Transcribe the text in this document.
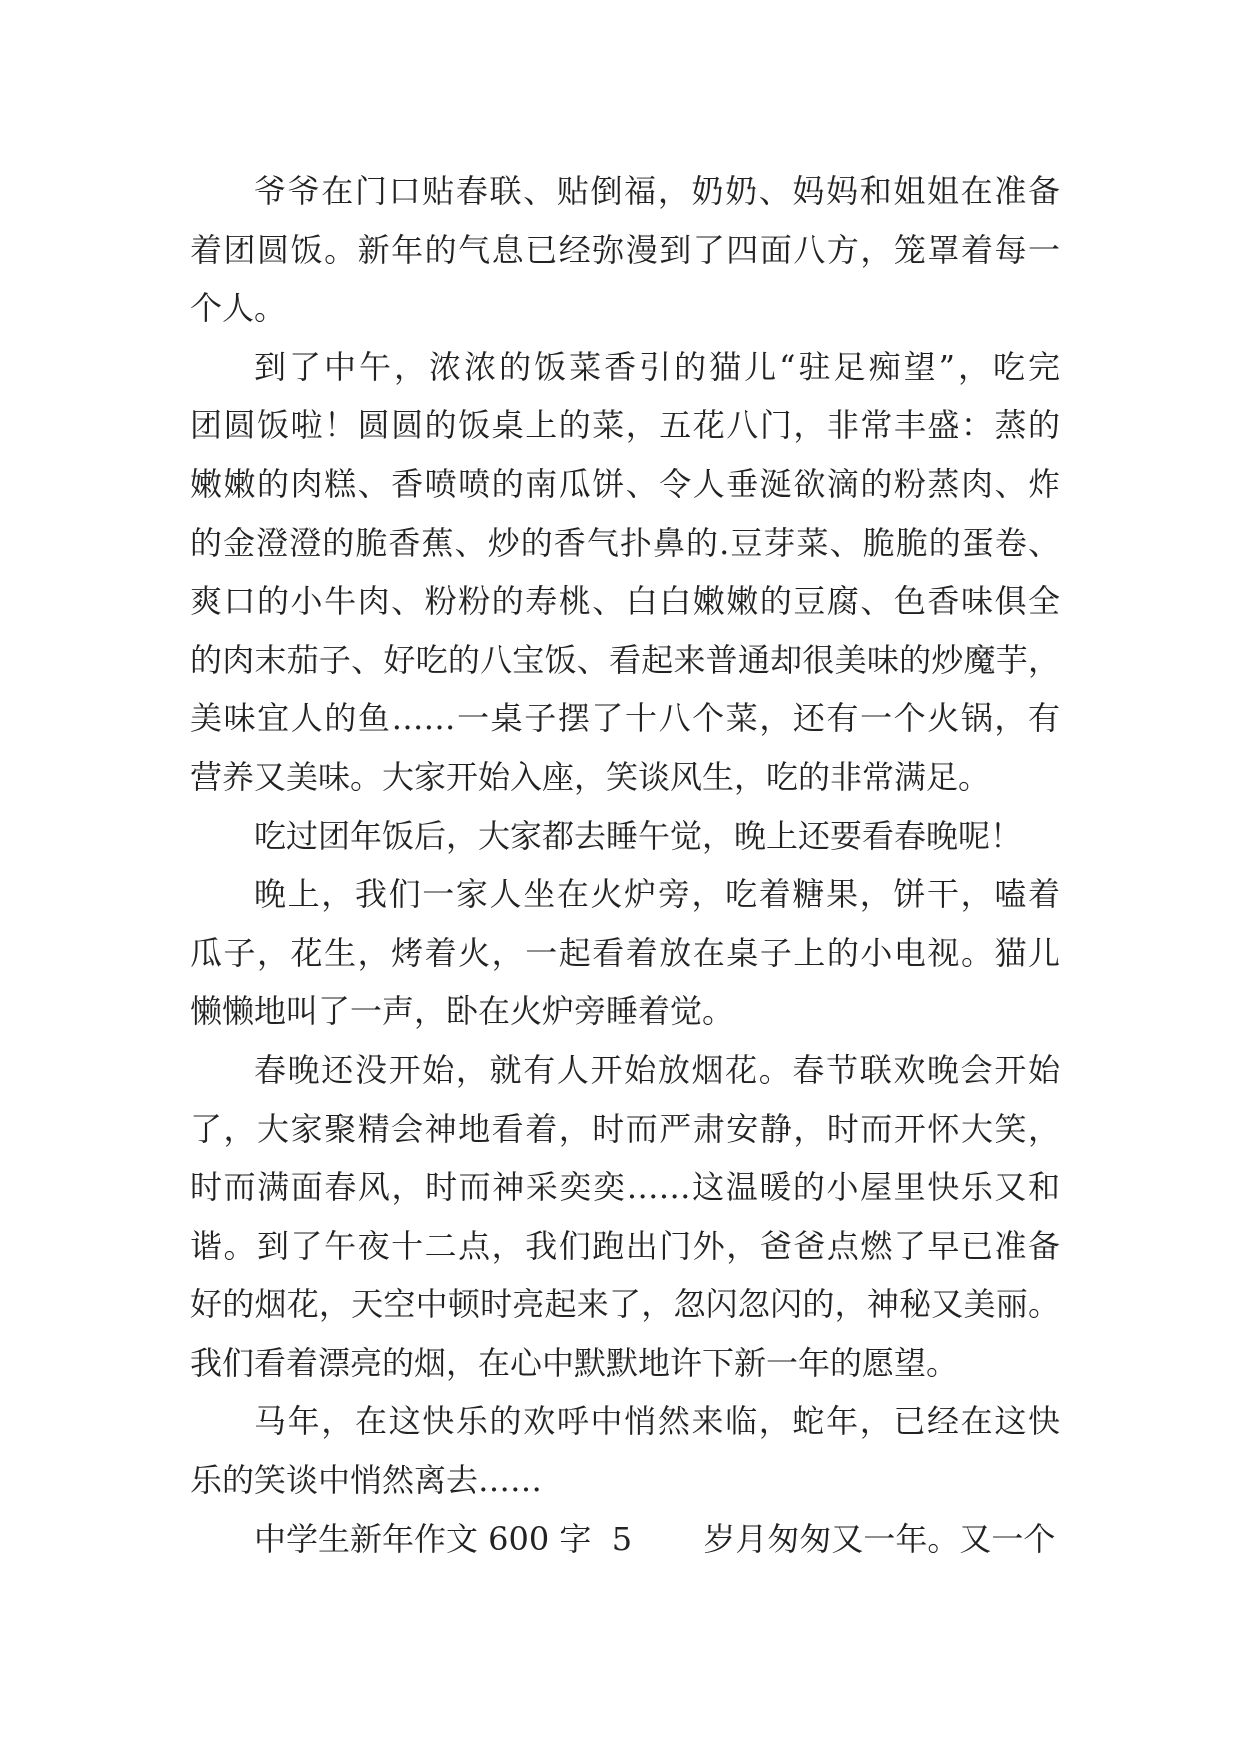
爷爷在门口贴春联、贴倒福，奶奶、妈妈和姐姐在准备
着团圆饭。新年的气息已经弥漫到了四面八方，笼罩着每一
个人。
到了中午，浓浓的饭菜香引的猫儿“驻足痴望”，吃完
团圆饭啦！圆圆的饭桌上的菜，五花八门，非常丰盛：蒸的
嫩嫩的肉糕、香喷喷的南瓜饼、令人垂涎欲滴的粉蒸肉、炸
的金澄澄的脆香蕉、炒的香气扑鼻的.豆芽菜、脆脆的蛋卷、
爽口的小牛肉、粉粉的寿桃、白白嫩嫩的豆腐、色香味俱全
的肉末茄子、好吃的八宝饭、看起来普通却很美味的炒魔芋，
美味宜人的鱼……一桌子摆了十八个菜，还有一个火锅，有
营养又美味。大家开始入座，笑谈风生，吃的非常满足。
吃过团年饭后，大家都去睡午觉，晚上还要看春晚呢！
晚上，我们一家人坐在火炉旁，吃着糖果，饼干，嗑着
瓜子，花生，烤着火，一起看着放在桌子上的小电视。猫儿
懒懒地叫了一声，卧在火炉旁睡着觉。
春晚还没开始，就有人开始放烟花。春节联欢晚会开始
了，大家聚精会神地看着，时而严肃安静，时而开怀大笑，
时而满面春风，时而神采奕奕……这温暖的小屋里快乐又和
谐。到了午夜十二点，我们跑出门外，爸爸点燃了早已准备
好的烟花，天空中顿时亮起来了，忽闪忽闪的，神秘又美丽。
我们看着漂亮的烟，在心中默默地许下新一年的愿望。
马年，在这快乐的欢呼中悄然来临，蛇年，已经在这快
乐的笑谈中悄然离去……
中学生新年作文 600 字  5       岁月匆匆又一年。又一个
